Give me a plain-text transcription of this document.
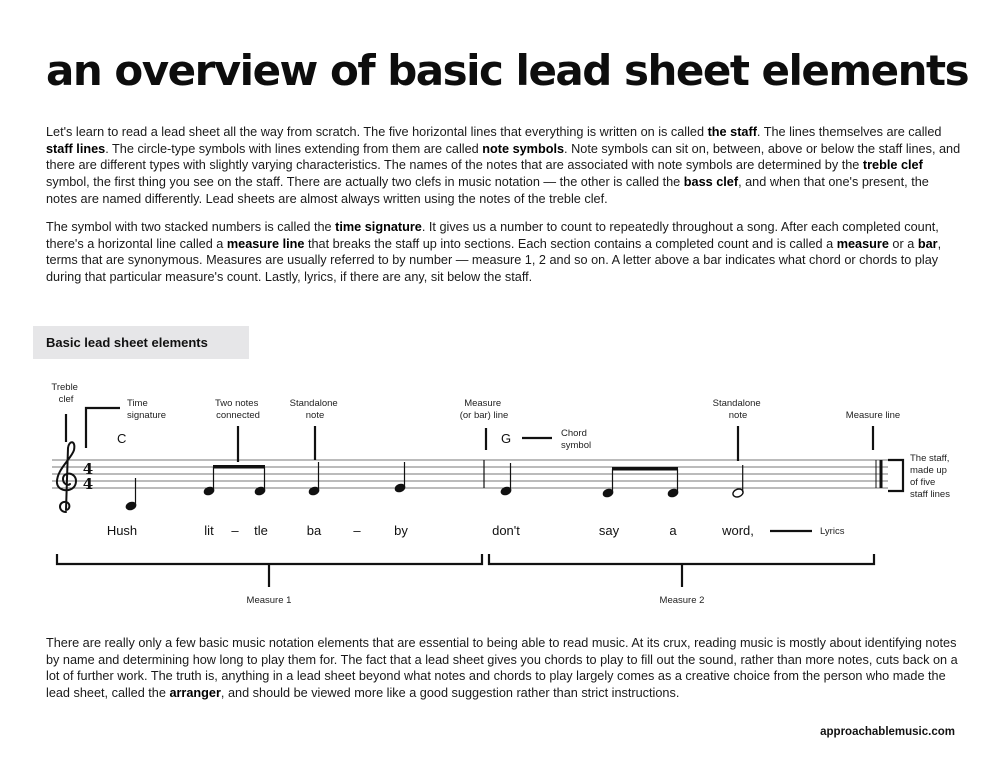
an overview of basic lead sheet elements

Let's learn to read a lead sheet all the way from scratch. The five horizontal lines that everything is written on is called the staff. The lines themselves are called staff lines. The circle-type symbols with lines extending from them are called note symbols. Note symbols can sit on, between, above or below the staff lines, and there are different types with slightly varying characteristics. The names of the notes that are associated with note symbols are determined by the treble clef symbol, the first thing you see on the staff. There are actually two clefs in music notation — the other is called the bass clef, and when that one's present, the notes are named differently. Lead sheets are almost always written using the notes of the treble clef.

The symbol with two stacked numbers is called the time signature. It gives us a number to count to repeatedly throughout a song. After each completed count, there's a horizontal line called a measure line that breaks the staff up into sections. Each section contains a completed count and is called a measure or a bar, terms that are synonymous. Measures are usually referred to by number — measure 1, 2 and so on. A letter above a bar indicates what chord or chords to play during that particular measure's count. Lastly, lyrics, if there are any, sit below the staff.

Basic lead sheet elements
4
4
C	G
Treble clef	Time signature
Two notes connected
Standalone note
Measure (or bar) line
Chord symbol
Standalone note	Measure line
The staff, made up of five staff lines
Lyrics
Measure 1	Measure 2
Hush	lit – tle	ba –	by	don't	say	a	word,

There are really only a few basic music notation elements that are essential to being able to read music. At its crux, reading music is mostly about identifying notes by name and determining how long to play them for. The fact that a lead sheet gives you chords to play to fill out the sound, rather than more notes, cuts back on a lot of further work. The truth is, anything in a lead sheet beyond what notes and chords to play largely comes as a creative choice from the person who made the lead sheet, called the arranger, and should be viewed more like a good suggestion rather than strict instructions.

approachablemusic.com
